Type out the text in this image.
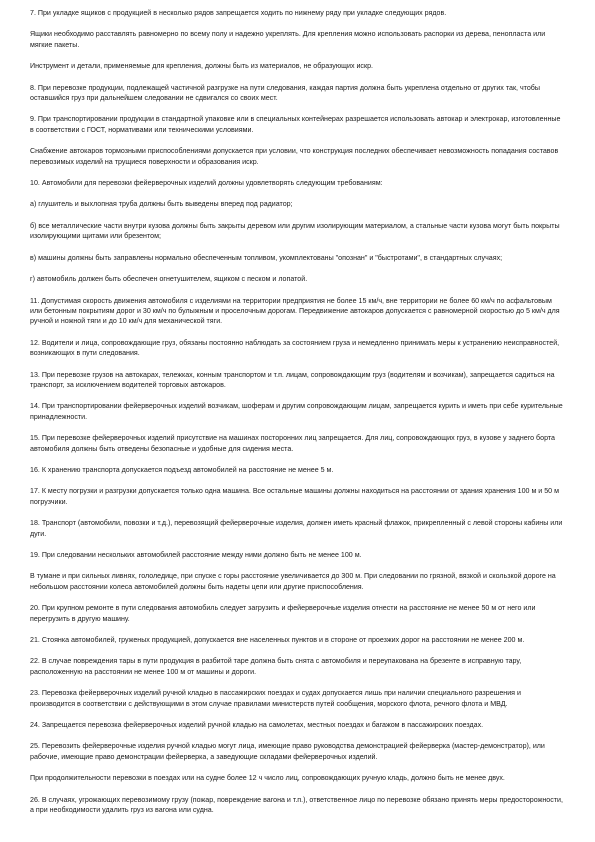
7. При укладке ящиков с продукцией в несколько рядов запрещается ходить по нижнему ряду при укладке следующих рядов.

Ящики необходимо расставлять равномерно по всему полу и надежно укреплять. Для крепления можно использовать распорки из дерева, пенопласта или мягкие пакеты.

Инструмент и детали, применяемые для крепления, должны быть из материалов, не образующих искр.

8. При перевозке продукции, подлежащей частичной разгрузке на пути следования, каждая партия должна быть укреплена отдельно от других так, чтобы оставшийся груз при дальнейшем следовании не сдвигался со своих мест.

9. При транспортировании продукции в стандартной упаковке или в специальных контейнерах разрешается использовать автокар и электрокар, изготовленные в соответствии с ГОСТ, нормативами или техническими условиями.

Снабжение автокаров тормозными приспособлениями допускается при условии, что конструкция последних обеспечивает невозможность попадания составов перевозимых изделий на трущиеся поверхности и образования искр.

10. Автомобили для перевозки фейерверочных изделий должны удовлетворять следующим требованиям:

а) глушитель и выхлопная труба должны быть выведены вперед под радиатор;

б) все металлические части внутри кузова должны быть закрыты деревом или другим изолирующим материалом, а стальные части кузова могут быть покрыты изолирующими щитами или брезентом;

в) машины должны быть заправлены нормально обеспеченным топливом, укомплектованы "опознан" и "быстротами", в стандартных случаях;

г) автомобиль должен быть обеспечен огнетушителем, ящиком с песком и лопатой.

11. Допустимая скорость движения автомобиля с изделиями на территории предприятия не более 15 км/ч, вне территории не более 60 км/ч по асфальтовым или бетонным покрытиям дорог и 30 км/ч по булыжным и проселочным дорогам. Передвижение автокаров допускается с равномерной скоростью до 5 км/ч для ручной и ножной тяги и до 10 км/ч для механической тяги.

12. Водители и лица, сопровождающие груз, обязаны постоянно наблюдать за состоянием груза и немедленно принимать меры к устранению неисправностей, возникающих в пути следования.

13. При перевозке грузов на автокарах, тележках, конным транспортом и т.п. лицам, сопровождающим груз (водителям и возчикам), запрещается садиться на транспорт, за исключением водителей торговых автокаров.

14. При транспортировании фейерверочных изделий возчикам, шоферам и другим сопровождающим лицам, запрещается курить и иметь при себе курительные принадлежности.

15. При перевозке фейерверочных изделий присутствие на машинах посторонних лиц запрещается. Для лиц, сопровождающих груз, в кузове у заднего борта автомобиля должны быть отведены безопасные и удобные для сидения места.

16. К хранению транспорта допускается подъезд автомобилей на расстояние не менее 5 м.

17. К месту погрузки и разгрузки допускается только одна машина. Все остальные машины должны находиться на расстоянии от здания хранения 100 м и 50 м погрузчики.

18. Транспорт (автомобили, повозки и т.д.), перевозящий фейерверочные изделия, должен иметь красный флажок, прикрепленный с левой стороны кабины или дуги.

19. При следовании нескольких автомобилей расстояние между ними должно быть не менее 100 м.

В тумане и при сильных ливнях, гололедице, при спуске с горы расстояние увеличивается до 300 м. При следовании по грязной, вязкой и скользкой дороге на небольшом расстоянии колеса автомобилей должны быть надеты цепи или другие приспособления.

20. При крупном ремонте в пути следования автомобиль следует загрузить и фейерверочные изделия отнести на расстояние не менее 50 м от него или перегрузить в другую машину.

21. Стоянка автомобилей, груженых продукцией, допускается вне населенных пунктов и в стороне от проезжих дорог на расстоянии не менее 200 м.

22. В случае повреждения тары в пути продукция в разбитой таре должна быть снята с автомобиля и переупакована на брезенте в исправную тару, расположенную на расстоянии не менее 100 м от машины и дороги.

23. Перевозка фейерверочных изделий ручной кладью в пассажирских поездах и судах допускается лишь при наличии специального разрешения и производится в соответствии с действующими в этом случае правилами министерств путей сообщения, морского флота, речного флота и МВД.

24. Запрещается перевозка фейерверочных изделий ручной кладью на самолетах, местных поездах и багажом в пассажирских поездах.

25. Перевозить фейерверочные изделия ручной кладью могут лица, имеющие право руководства демонстрацией фейерверка (мастер-демонстратор), или рабочие, имеющие право демонстрации фейерверка, а заведующие складами фейерверочных изделий.

При продолжительности перевозки в поездах или на судне более 12 ч число лиц, сопровождающих ручную кладь, должно быть не менее двух.

26. В случаях, угрожающих перевозимому грузу (пожар, повреждение вагона и т.п.), ответственное лицо по перевозке обязано принять меры предосторожности, а при необходимости удалить груз из вагона или судна.
